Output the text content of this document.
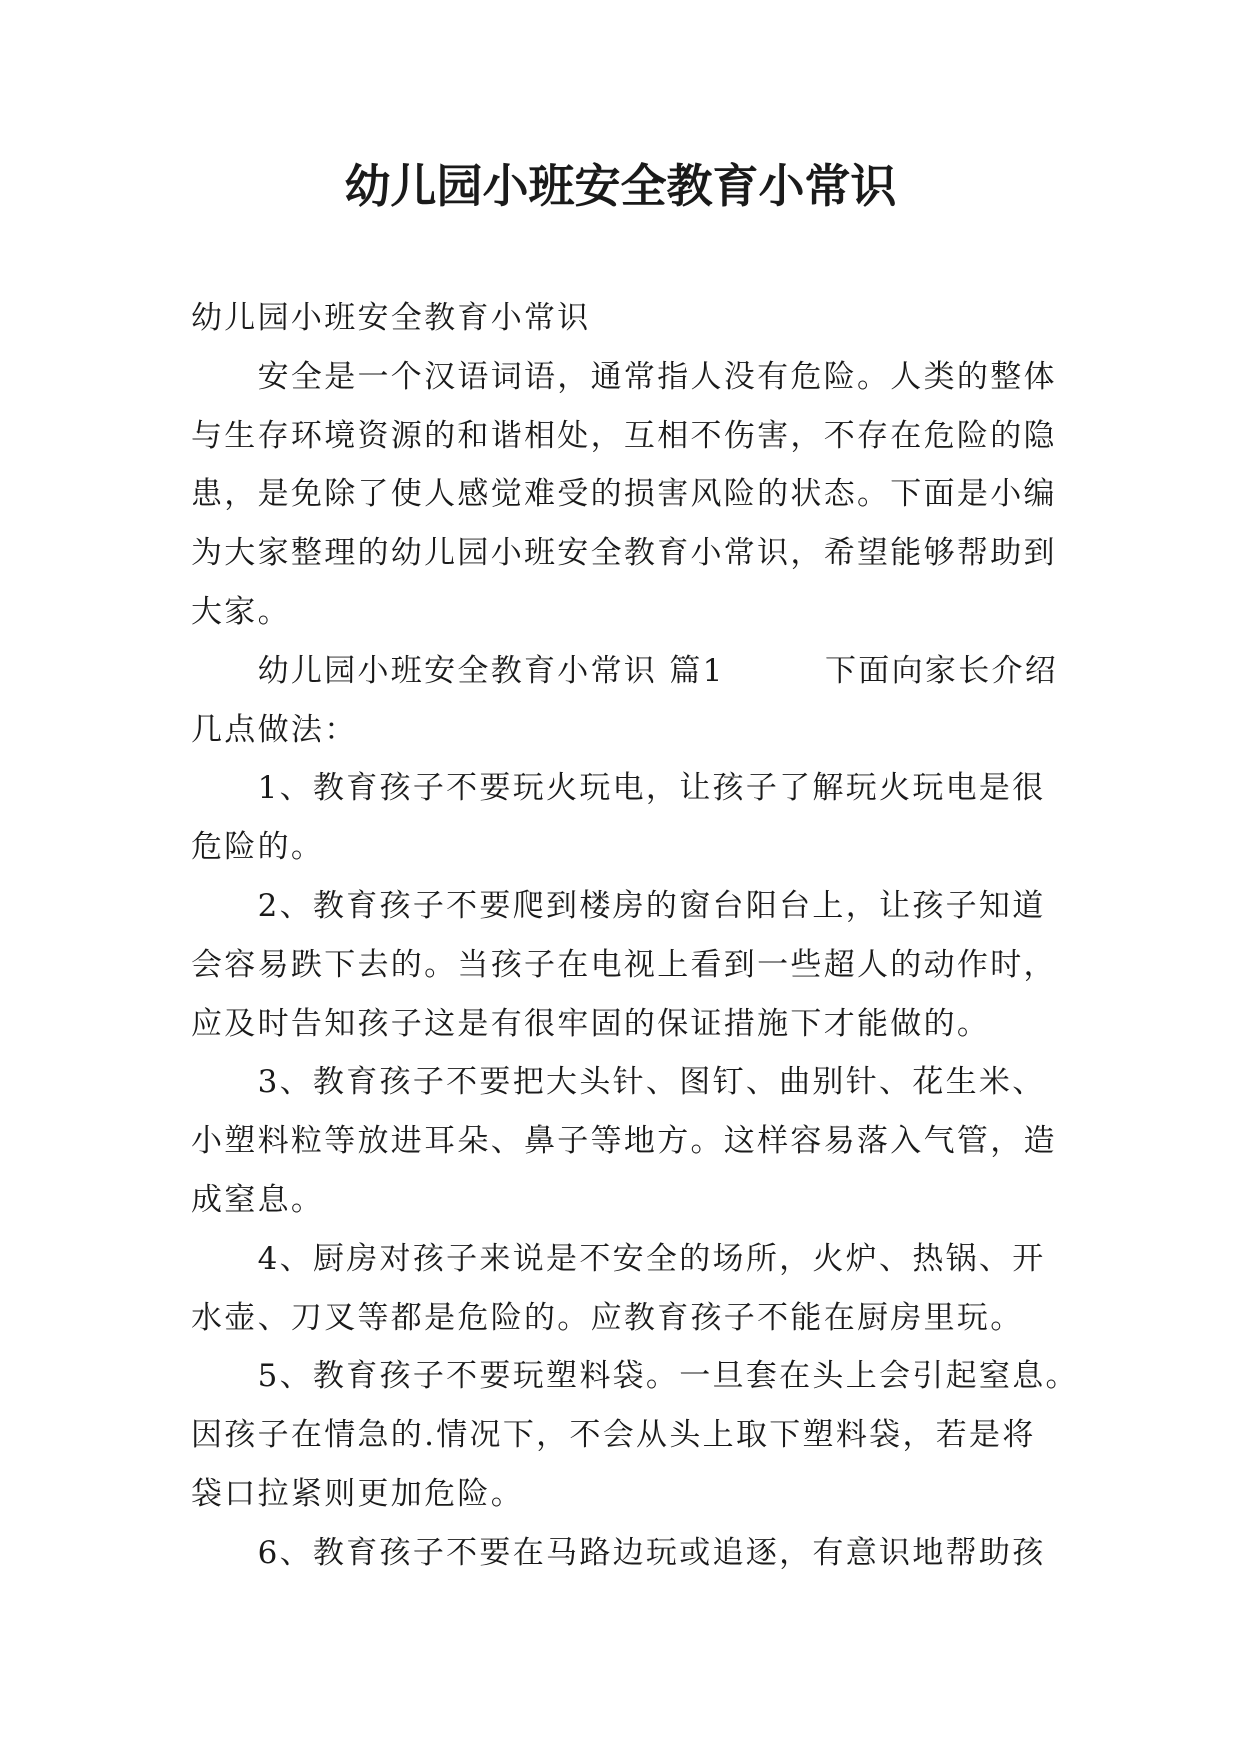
幼儿园小班安全教育小常识
幼儿园小班安全教育小常识
安全是一个汉语词语，通常指人没有危险。人类的整体
与生存环境资源的和谐相处，互相不伤害，不存在危险的隐
患，是免除了使人感觉难受的损害风险的状态。下面是小编
为大家整理的幼儿园小班安全教育小常识，希望能够帮助到
大家。
幼儿园小班安全教育小常识 篇1	下面向家长介绍
几点做法：
1、教育孩子不要玩火玩电，让孩子了解玩火玩电是很
危险的。
2、教育孩子不要爬到楼房的窗台阳台上，让孩子知道
会容易跌下去的。当孩子在电视上看到一些超人的动作时，
应及时告知孩子这是有很牢固的保证措施下才能做的。
3、教育孩子不要把大头针、图钉、曲别针、花生米、
小塑料粒等放进耳朵、鼻子等地方。这样容易落入气管，造
成窒息。
4、厨房对孩子来说是不安全的场所，火炉、热锅、开
水壶、刀叉等都是危险的。应教育孩子不能在厨房里玩。
5、教育孩子不要玩塑料袋。一旦套在头上会引起窒息。
因孩子在情急的.情况下，不会从头上取下塑料袋，若是将
袋口拉紧则更加危险。
6、教育孩子不要在马路边玩或追逐，有意识地帮助孩
